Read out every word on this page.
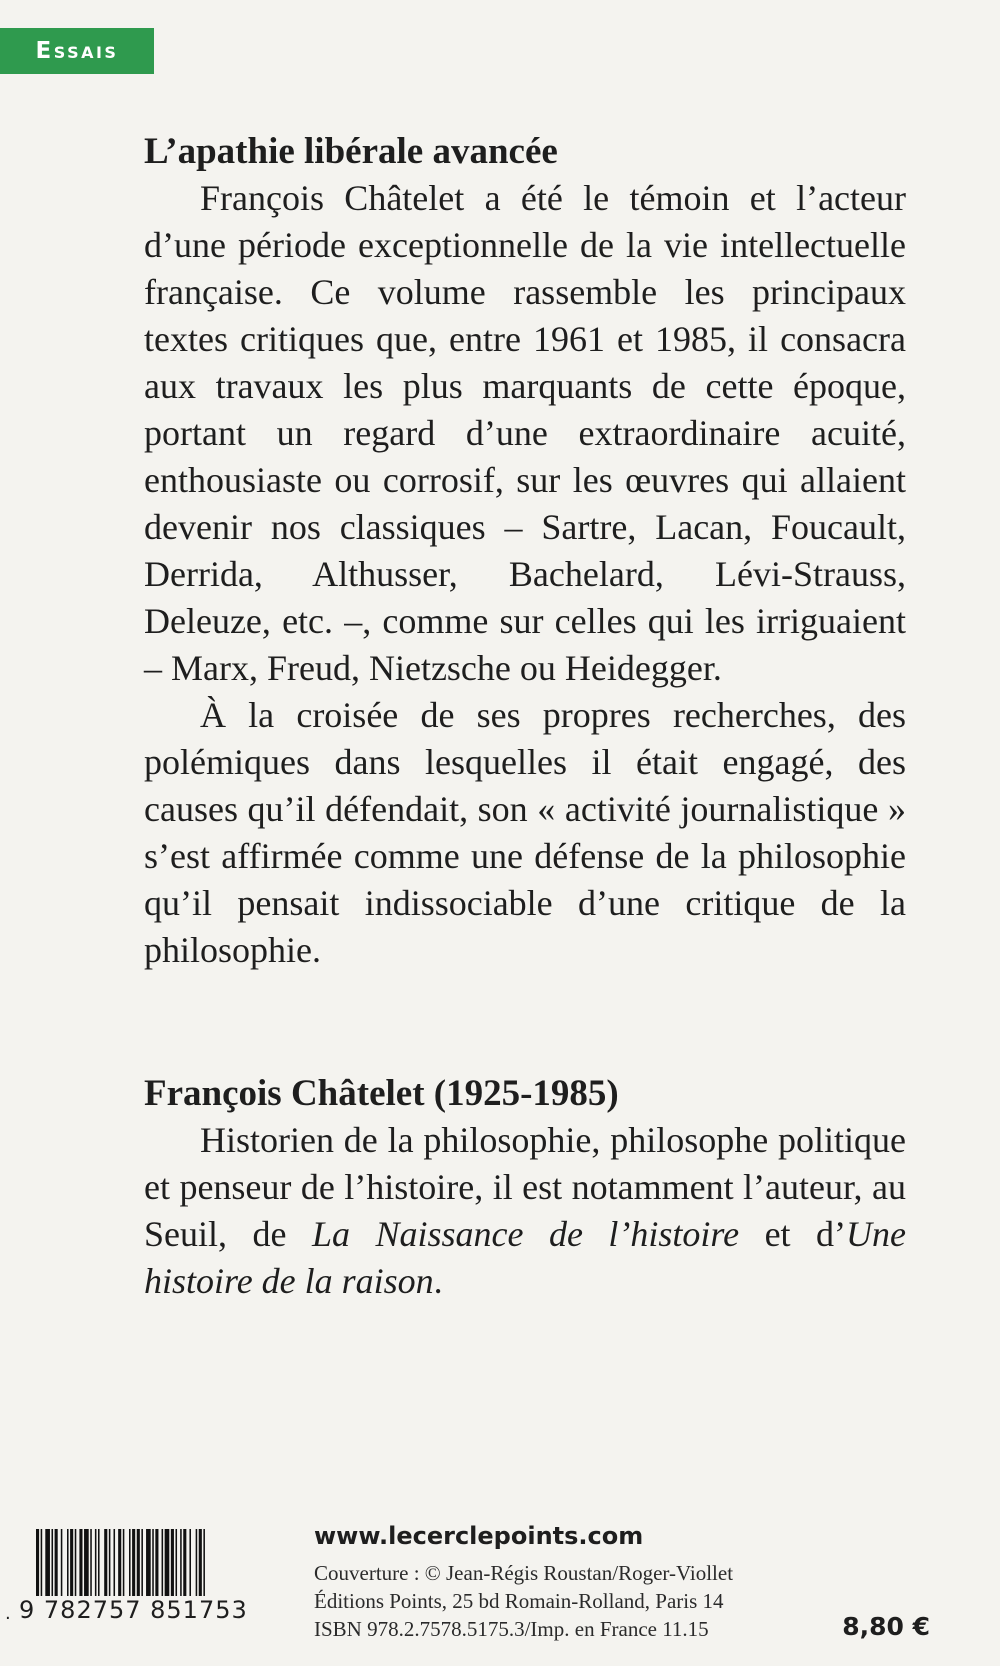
Essais
L’apathie libérale avancée

François Châtelet a été le témoin et l’acteur d’une période exceptionnelle de la vie intellectuelle française. Ce volume rassemble les principaux textes critiques que, entre 1961 et 1985, il consacra aux travaux les plus marquants de cette époque, portant un regard d’une extraordinaire acuité, enthousiaste ou corrosif, sur les œuvres qui allaient devenir nos classiques – Sartre, Lacan, Foucault, Derrida, Althusser, Bachelard, Lévi-Strauss, Deleuze, etc. –, comme sur celles qui les irriguaient – Marx, Freud, Nietzsche ou Heidegger.

À la croisée de ses propres recherches, des polémiques dans lesquelles il était engagé, des causes qu’il défendait, son « activité journalistique » s’est affirmée comme une défense de la philosophie qu’il pensait indissociable d’une critique de la philosophie.

François Châtelet (1925-1985)

Historien de la philosophie, philosophe politique et penseur de l’histoire, il est notamment l’auteur, au Seuil, de La Naissance de l’histoire et d’Une histoire de la raison.

· 9 782757 851753
www.lecerclepoints.com
Couverture : © Jean-Régis Roustan/Roger-Viollet
Éditions Points, 25 bd Romain-Rolland, Paris 14
ISBN 978.2.7578.5175.3/Imp. en France 11.15	8,80 €
